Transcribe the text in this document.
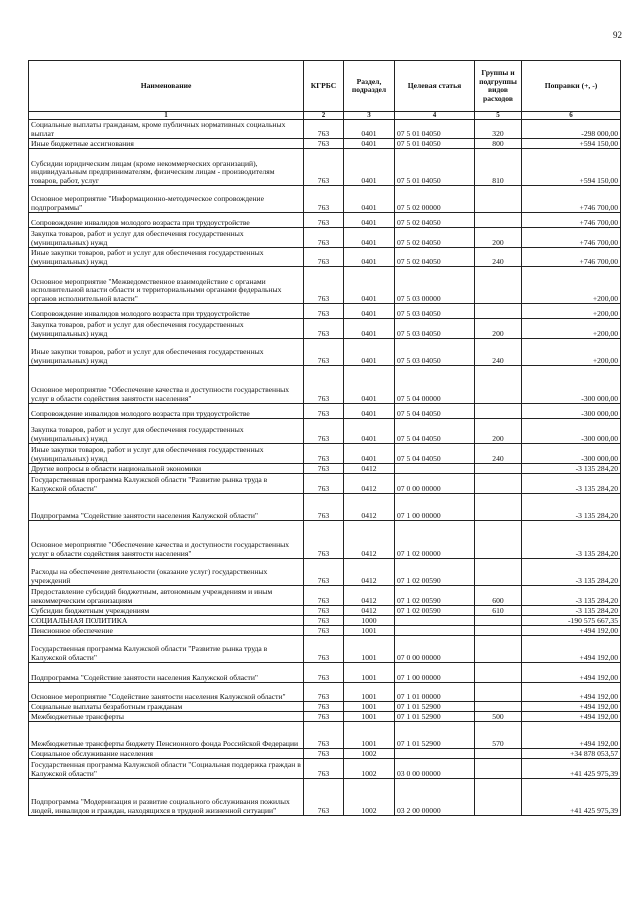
92
Наименование	КГРБС	Раздел, подраздел	Целевая статья	Группы и подгруппы видов расходов	Поправки (+, -)
1	2	3	4	5	6
Социальные выплаты гражданам, кроме публичных нормативных социальных выплат	763	0401	07 5 01 04050	320	-298 000,00
Иные бюджетные ассигнования	763	0401	07 5 01 04050	800	+594 150,00
Субсидии юридическим лицам (кроме некоммерческих организаций), индивидуальным предпринимателям, физическим лицам - производителям товаров, работ, услуг	763	0401	07 5 01 04050	810	+594 150,00
Основное мероприятие "Информационно-методическое сопровождение подпрограммы"	763	0401	07 5 02 00000		+746 700,00
Сопровождение инвалидов молодого возраста при трудоустройстве	763	0401	07 5 02 04050		+746 700,00
Закупка товаров, работ и услуг для обеспечения государственных (муниципальных) нужд	763	0401	07 5 02 04050	200	+746 700,00
Иные закупки товаров, работ и услуг для обеспечения государственных (муниципальных) нужд	763	0401	07 5 02 04050	240	+746 700,00
Основное мероприятие "Межведомственное взаимодействие с органами исполнительной власти области и территориальными органами федеральных органов исполнительной власти"	763	0401	07 5 03 00000		+200,00
Сопровождение инвалидов молодого возраста при трудоустройстве	763	0401	07 5 03 04050		+200,00
Закупка товаров, работ и услуг для обеспечения государственных (муниципальных) нужд	763	0401	07 5 03 04050	200	+200,00
Иные закупки товаров, работ и услуг для обеспечения государственных (муниципальных) нужд	763	0401	07 5 03 04050	240	+200,00
Основное мероприятие "Обеспечение качества и доступности государственных услуг в области содействия занятости населения"	763	0401	07 5 04 00000		-300 000,00
Сопровождение инвалидов молодого возраста при трудоустройстве	763	0401	07 5 04 04050		-300 000,00
Закупка товаров, работ и услуг для обеспечения государственных (муниципальных) нужд	763	0401	07 5 04 04050	200	-300 000,00
Иные закупки товаров, работ и услуг для обеспечения государственных (муниципальных) нужд	763	0401	07 5 04 04050	240	-300 000,00
Другие вопросы в области национальной экономики	763	0412			-3 135 284,20
Государственная программа Калужской области "Развитие рынка труда в Калужской области"	763	0412	07 0 00 00000		-3 135 284,20
Подпрограмма "Содействие занятости населения Калужской области"	763	0412	07 1 00 00000		-3 135 284,20
Основное мероприятие "Обеспечение качества и доступности государственных услуг в области содействия занятости населения"	763	0412	07 1 02 00000		-3 135 284,20
Расходы на обеспечение деятельности (оказание услуг) государственных учреждений	763	0412	07 1 02 00590		-3 135 284,20
Предоставление субсидий бюджетным, автономным учреждениям и иным некоммерческим организациям	763	0412	07 1 02 00590	600	-3 135 284,20
Субсидии бюджетным учреждениям	763	0412	07 1 02 00590	610	-3 135 284,20
СОЦИАЛЬНАЯ ПОЛИТИКА	763	1000			-190 575 667,35
Пенсионное обеспечение	763	1001			+494 192,00
Государственная программа Калужской области "Развитие рынка труда в Калужской области"	763	1001	07 0 00 00000		+494 192,00
Подпрограмма "Содействие занятости населения Калужской области"	763	1001	07 1 00 00000		+494 192,00
Основное мероприятие "Содействие занятости населения Калужской области"	763	1001	07 1 01 00000		+494 192,00
Социальные выплаты безработным гражданам	763	1001	07 1 01 52900		+494 192,00
Межбюджетные трансферты	763	1001	07 1 01 52900	500	+494 192,00
Межбюджетные трансферты бюджету Пенсионного фонда Российской Федерации	763	1001	07 1 01 52900	570	+494 192,00
Социальное обслуживание населения	763	1002			+34 878 053,57
Государственная программа Калужской области "Социальная поддержка граждан в Калужской области"	763	1002	03 0 00 00000		+41 425 975,39
Подпрограмма "Модернизация и развитие социального обслуживания пожилых людей, инвалидов и граждан, находящихся в трудной жизненной ситуации"	763	1002	03 2 00 00000		+41 425 975,39
